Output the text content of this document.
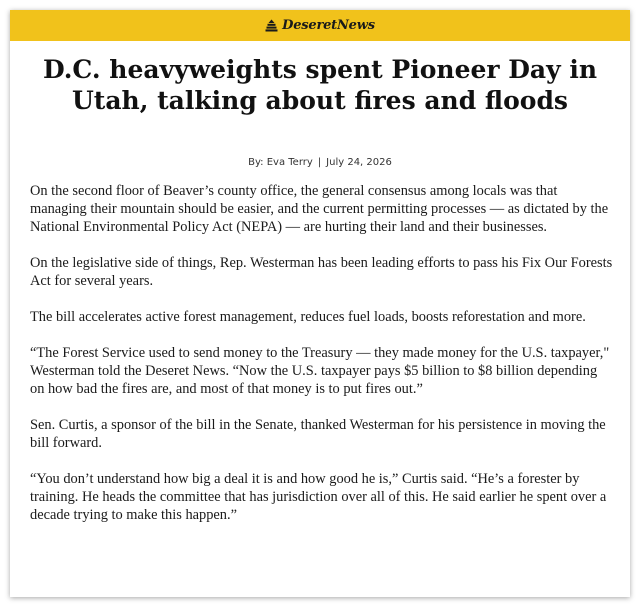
DeseretNews
D.C. heavyweights spent Pioneer Day in Utah, talking about fires and floods
By: Eva Terry | July 24, 2026

On the second floor of Beaver’s county office, the general consensus among locals was that managing their mountain should be easier, and the current permitting processes — as dictated by the National Environmental Policy Act (NEPA) — are hurting their land and their businesses.

On the legislative side of things, Rep. Westerman has been leading efforts to pass his Fix Our Forests Act for several years.

The bill accelerates active forest management, reduces fuel loads, boosts reforestation and more.

“The Forest Service used to send money to the Treasury — they made money for the U.S. taxpayer," Westerman told the Deseret News. “Now the U.S. taxpayer pays $5 billion to $8 billion depending on how bad the fires are, and most of that money is to put fires out.”

Sen. Curtis, a sponsor of the bill in the Senate, thanked Westerman for his persistence in moving the bill forward.

“You don’t understand how big a deal it is and how good he is,” Curtis said. “He’s a forester by training. He heads the committee that has jurisdiction over all of this. He said earlier he spent over a decade trying to make this happen.”
